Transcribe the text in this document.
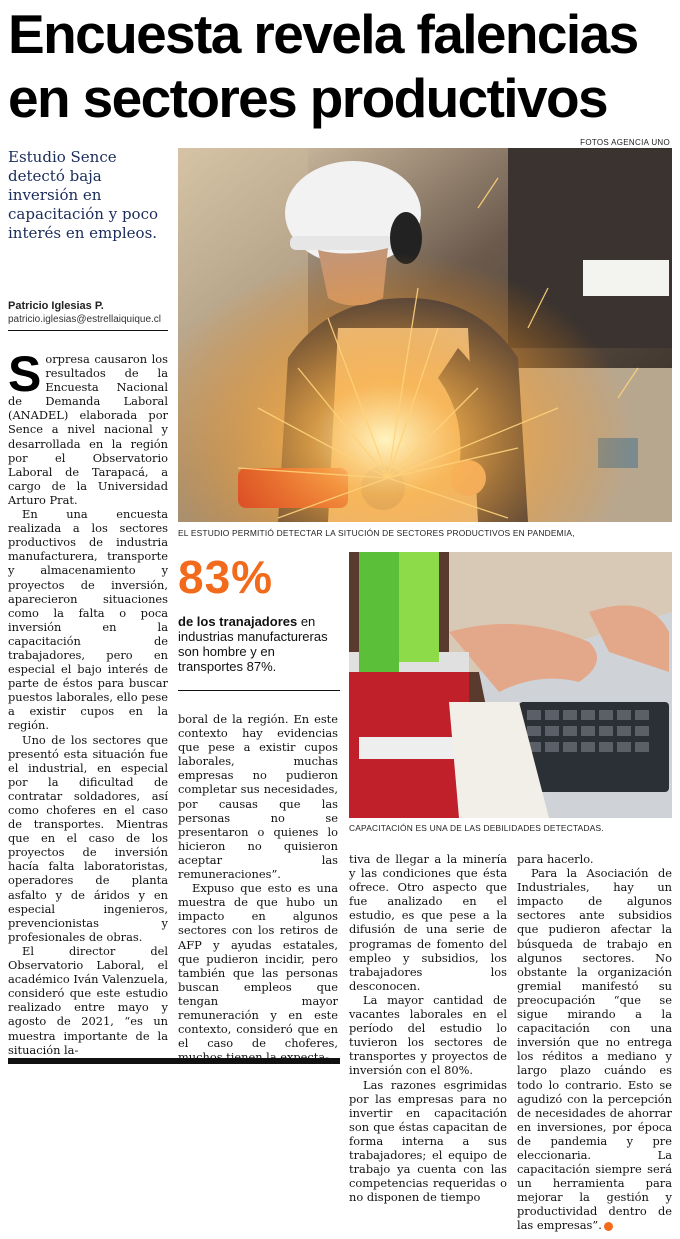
Encuesta revela falencias
en sectores productivos
FOTOS AGENCIA UNO
Estudio Sence detectó baja inversión en capacitación y poco interés en empleos.
Patricio Iglesias P.
patricio.iglesias@estrellaiquique.cl
EL ESTUDIO PERMITIÓ DETECTAR LA SITUCIÓN DE SECTORES PRODUCTIVOS EN PANDEMIA,
CAPACITACIÓN ES UNA DE LAS DEBILIDADES DETECTADAS.
83%
de los tranajadores en industrias manufactureras son hombre y en transportes 87%.

Sorpresa causaron los resultados de la Encuesta Nacional de Demanda Laboral (ANADEL) elaborada por Sence a nivel nacional y desarrollada en la región por el Observatorio Laboral de Tarapacá, a cargo de la Universidad Arturo Prat.

En una encuesta realizada a los sectores productivos de industria manufacturera, transporte y almacenamiento y proyectos de inversión, aparecieron situaciones como la falta o poca inversión en la capacitación de trabajadores, pero en especial el bajo interés de parte de éstos para buscar puestos laborales, ello pese a existir cupos en la región.

Uno de los sectores que presentó esta situación fue el industrial, en especial por la dificultad de contratar soldadores, así como choferes en el caso de transportes. Mientras que en el caso de los proyectos de inversión hacía falta laboratoristas, operadores de planta asfalto y de áridos y en especial ingenieros, prevencionistas y profesionales de obras.

El director del Observatorio Laboral, el académico Iván Valenzuela, consideró que este estudio realizado entre mayo y agosto de 2021, “es un muestra importante de la situación la-

boral de la región. En este contexto hay evidencias que pese a existir cupos laborales, muchas empresas no pudieron completar sus necesidades, por causas que las personas no se presentaron o quienes lo hicieron no quisieron aceptar las remuneraciones”.

Expuso que esto es una muestra de que hubo un impacto en algunos sectores con los retiros de AFP y ayudas estatales, que pudieron incidir, pero también que las personas buscan empleos que tengan mayor remuneración y en este contexto, consideró que en el caso de choferes,

tiva de llegar a la minería y las condiciones que ésta ofrece. Otro aspecto que fue analizado en el estudio, es que pese a la difusión de una serie de programas de fomento del empleo y subsidios, los trabajadores los desconocen.

La mayor cantidad de vacantes laborales en el período del estudio lo tuvieron los sectores de transportes y proyectos de inversión con el 80%.

Las razones esgrimidas por las empresas para no invertir en capacitación son que éstas capacitan de forma interna a sus trabajadores; el equipo de trabajo ya cuenta con las competencias requeridas o no disponen de tiempo

para hacerlo.

Para la Asociación de Industriales, hay un impacto de algunos sectores ante subsidios que pudieron afectar la búsqueda de trabajo en algunos sectores. No obstante la organización gremial manifestó su preocupación “que se sigue mirando a la capacitación con una inversión que no entrega los réditos a mediano y largo plazo cuándo es todo lo contrario. Esto se agudizó con la percepción de necesidades de ahorrar en inversiones, por época de pandemia y pre eleccionaria. La capacitación siempre será un herramienta para mejorar la gestión y productividad dentro de las empresas”.
